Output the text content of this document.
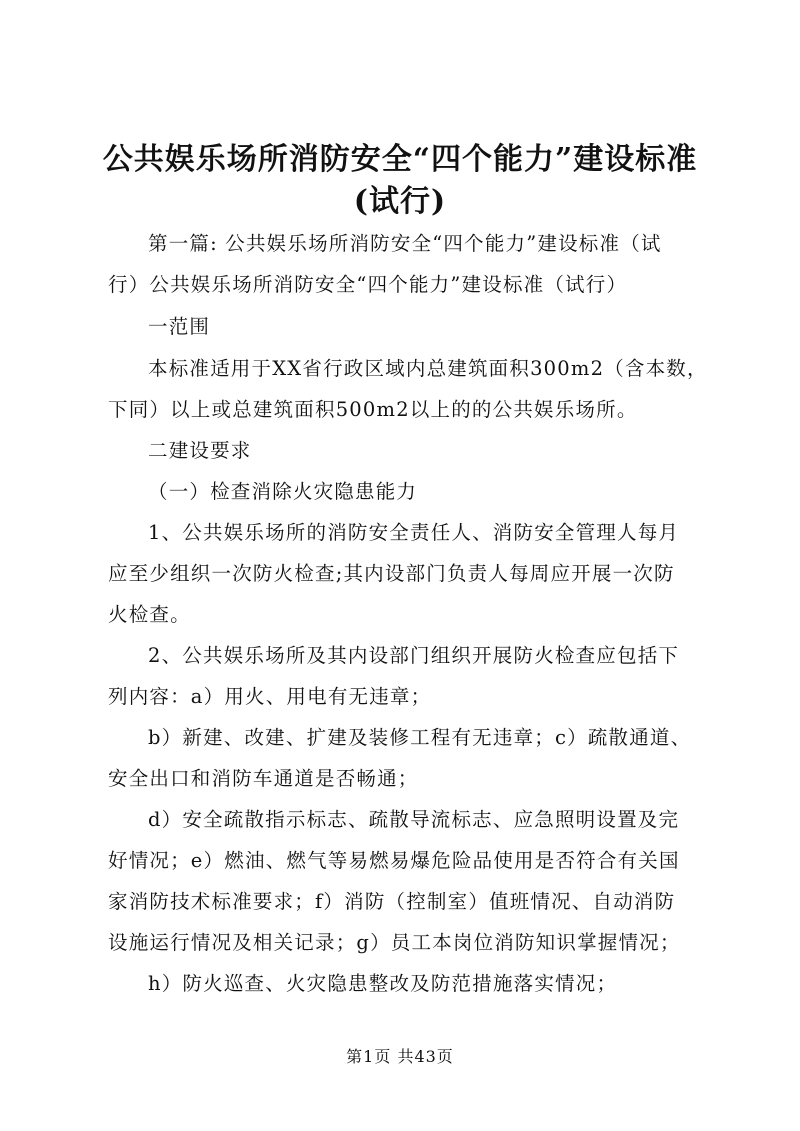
公共娱乐场所消防安全“四个能力”建设标准
(试行)
第一篇: 公共娱乐场所消防安全“四个能力”建设标准（试
行）公共娱乐场所消防安全“四个能力”建设标准（试行）
一范围
本标准适用于XX省行政区域内总建筑面积300m2（含本数，
下同）以上或总建筑面积500m2以上的的公共娱乐场所。
二建设要求
（一）检查消除火灾隐患能力
1、公共娱乐场所的消防安全责任人、消防安全管理人每月
应至少组织一次防火检查;其内设部门负责人每周应开展一次防
火检查。
2、公共娱乐场所及其内设部门组织开展防火检查应包括下
列内容：a）用火、用电有无违章；
b）新建、改建、扩建及装修工程有无违章；c）疏散通道、
安全出口和消防车通道是否畅通；
d）安全疏散指示标志、疏散导流标志、应急照明设置及完
好情况；e）燃油、燃气等易燃易爆危险品使用是否符合有关国
家消防技术标准要求；f）消防（控制室）值班情况、自动消防
设施运行情况及相关记录；g）员工本岗位消防知识掌握情况；
h）防火巡查、火灾隐患整改及防范措施落实情况；
第1页 共43页
